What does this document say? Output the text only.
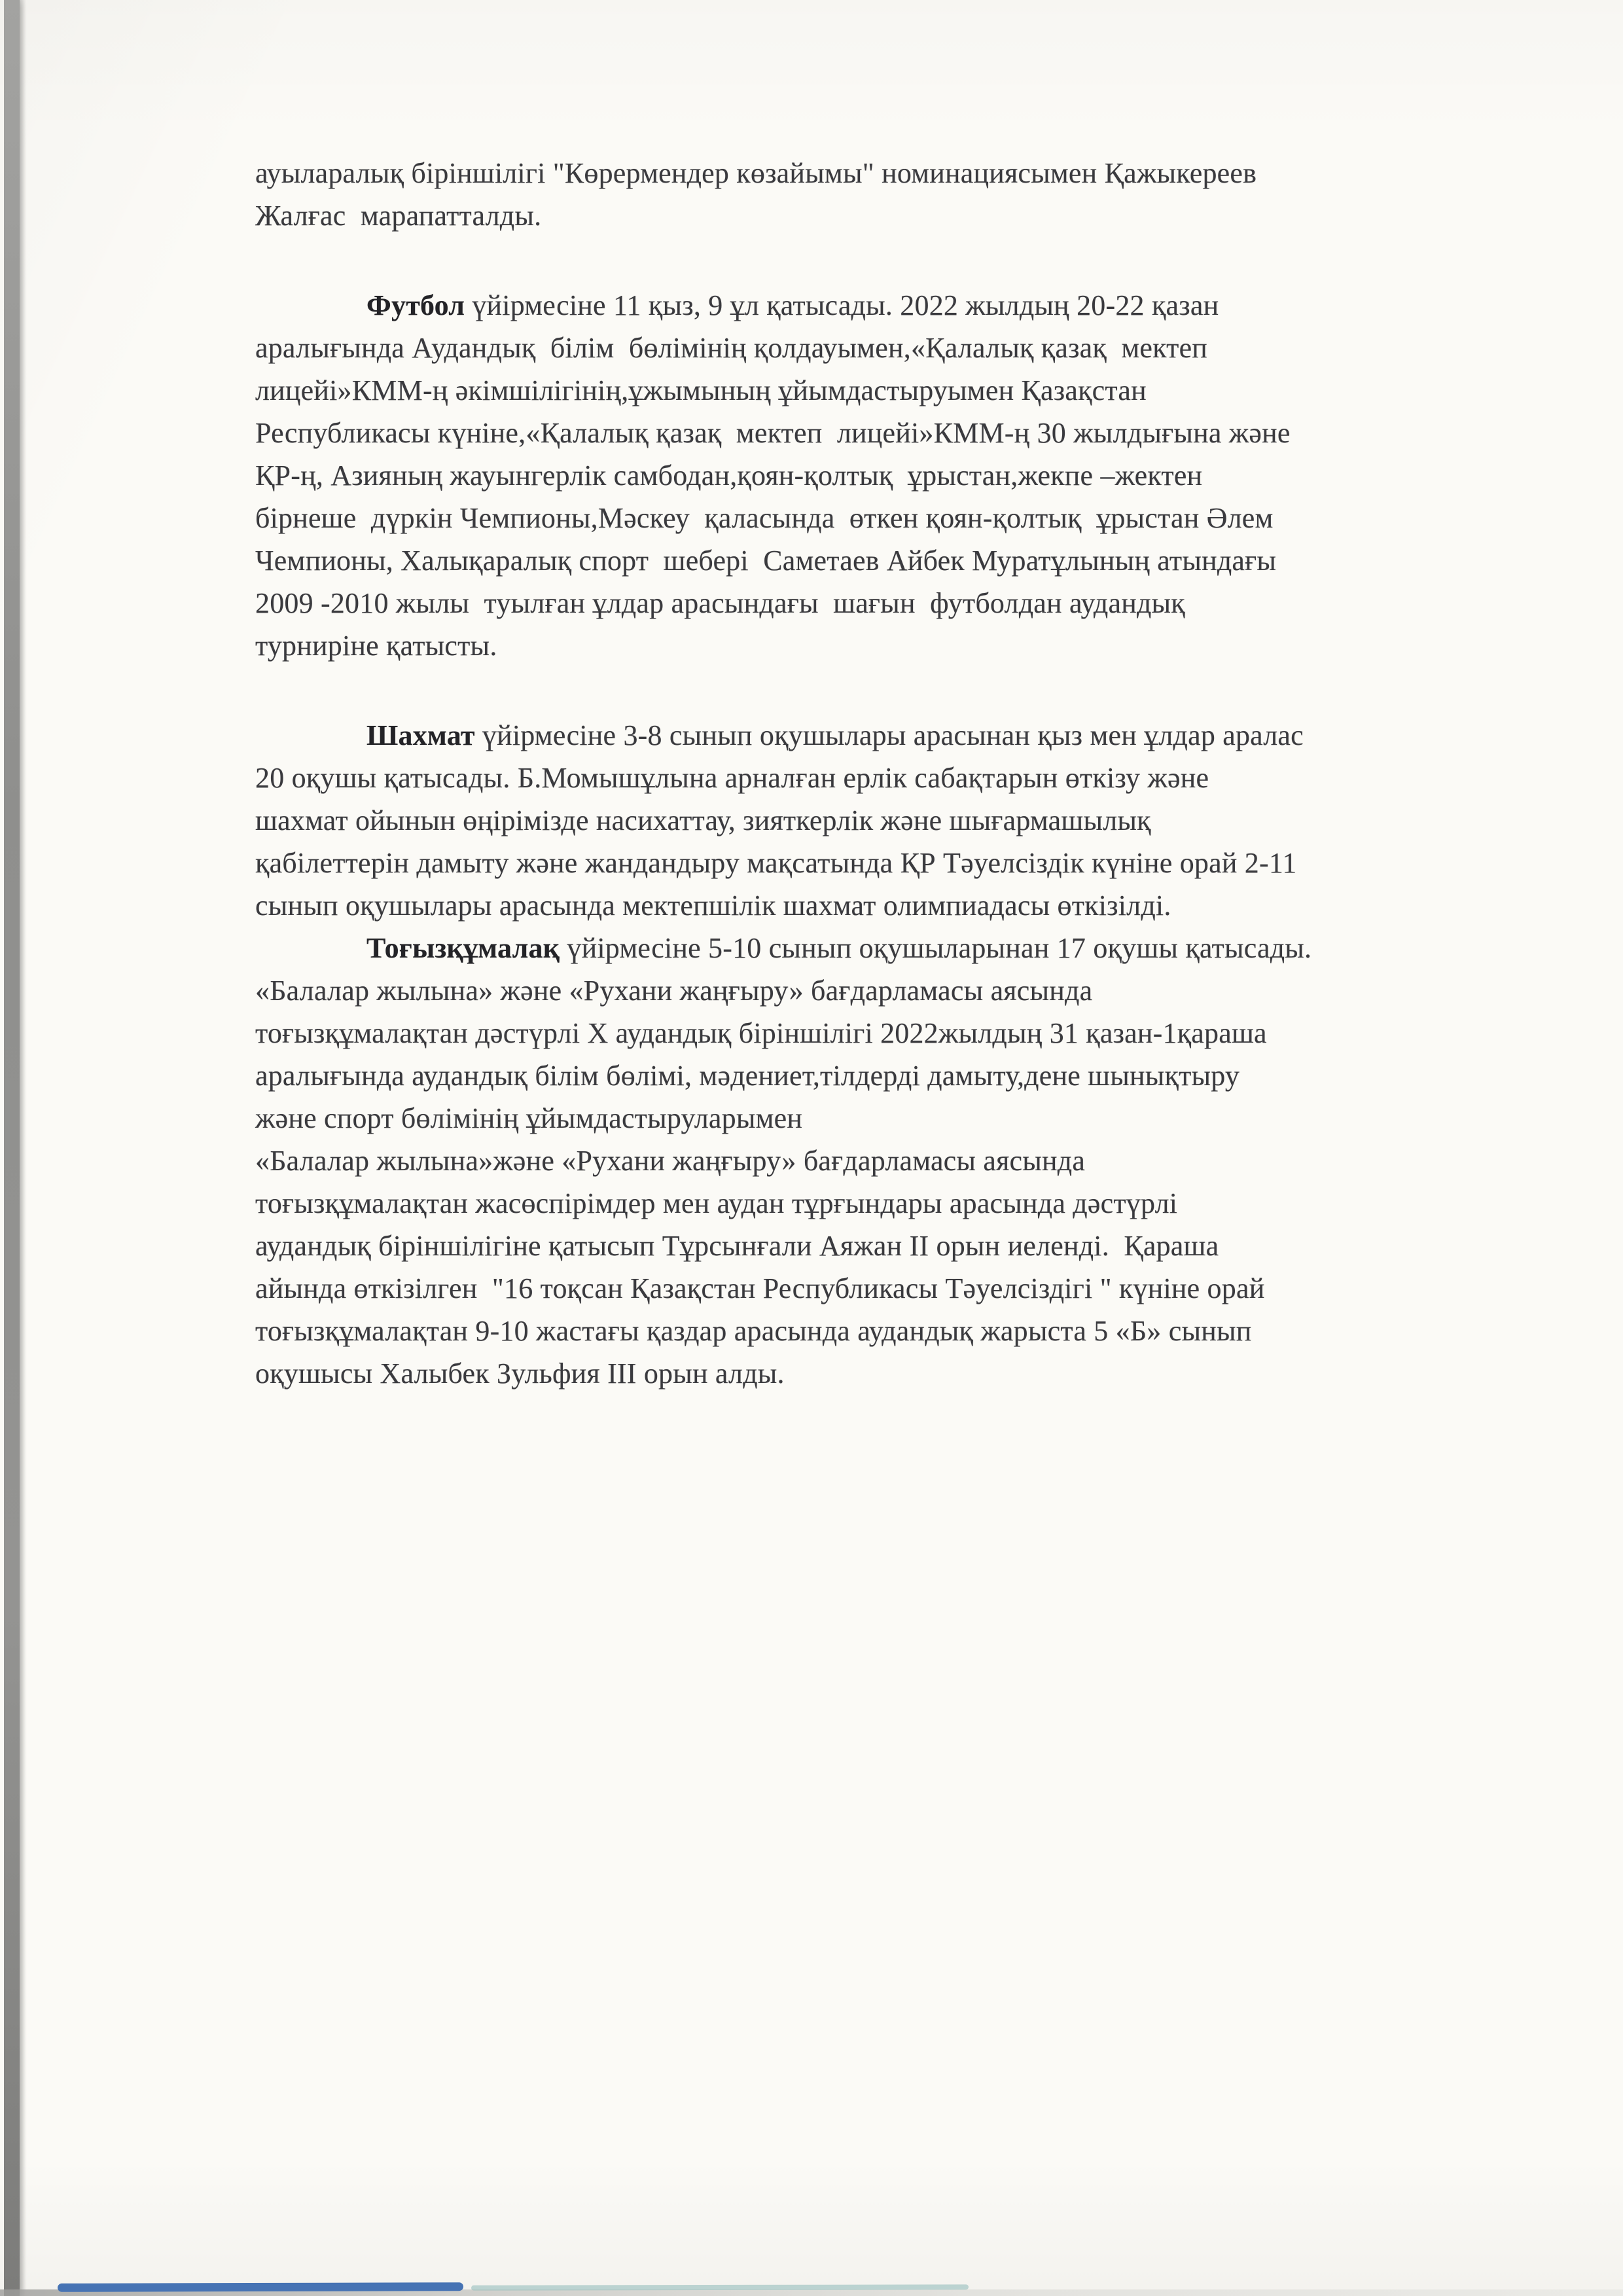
ауыларалық біріншілігі "Көрермендер көзайымы" номинациясымен Қажыкереев
Жалғас  марапатталды.
Футбол үйірмесіне 11 қыз, 9 ұл қатысады. 2022 жылдың 20-22 қазан
аралығында Аудандық  білім  бөлімінің қолдауымен,«Қалалық қазақ  мектеп
лицейі»КММ-ң әкімшілігінің,ұжымының ұйымдастыруымен Қазақстан
Республикасы күніне,«Қалалық қазақ  мектеп  лицейі»КММ-ң 30 жылдығына және
ҚР-ң, Азияның жауынгерлік самбодан,қоян-қолтық  ұрыстан,жекпе –жектен
бірнеше  дүркін Чемпионы,Мәскеу  қаласында  өткен қоян-қолтық  ұрыстан Әлем
Чемпионы, Халықаралық спорт  шебері  Саметаев Айбек Муратұлының атындағы
2009 -2010 жылы  туылған ұлдар арасындағы  шағын  футболдан аудандық
турниріне қатысты.
Шахмат үйірмесіне 3-8 сынып оқушылары арасынан қыз мен ұлдар аралас
20 оқушы қатысады. Б.Момышұлына арналған ерлік сабақтарын өткізу және
шахмат ойынын өңірімізде насихаттау, зияткерлік және шығармашылық
қабілеттерін дамыту және жандандыру мақсатында ҚР Тәуелсіздік күніне орай 2-11
сынып оқушылары арасында мектепшілік шахмат олимпиадасы өткізілді.
Тоғызқұмалақ үйірмесіне 5-10 сынып оқушыларынан 17 оқушы қатысады.
«Балалар жылына» және «Рухани жаңғыру» бағдарламасы аясында
тоғызқұмалақтан дәстүрлі X аудандық біріншілігі 2022жылдың 31 қазан-1қараша
аралығында аудандық білім бөлімі, мәдениет,тілдерді дамыту,дене шынықтыру
және спорт бөлімінің ұйымдастыруларымен
«Балалар жылына»және «Рухани жаңғыру» бағдарламасы аясында
тоғызқұмалақтан жасөспірімдер мен аудан тұрғындары арасында дәстүрлі
аудандық біріншілігіне қатысып Тұрсынғали Аяжан II орын иеленді.  Қараша
айында өткізілген  "16 тоқсан Қазақстан Республикасы Тәуелсіздігі " күніне орай
тоғызқұмалақтан 9-10 жастағы қаздар арасында аудандық жарыста 5 «Б» сынып
оқушысы Халыбек Зульфия III орын алды.
